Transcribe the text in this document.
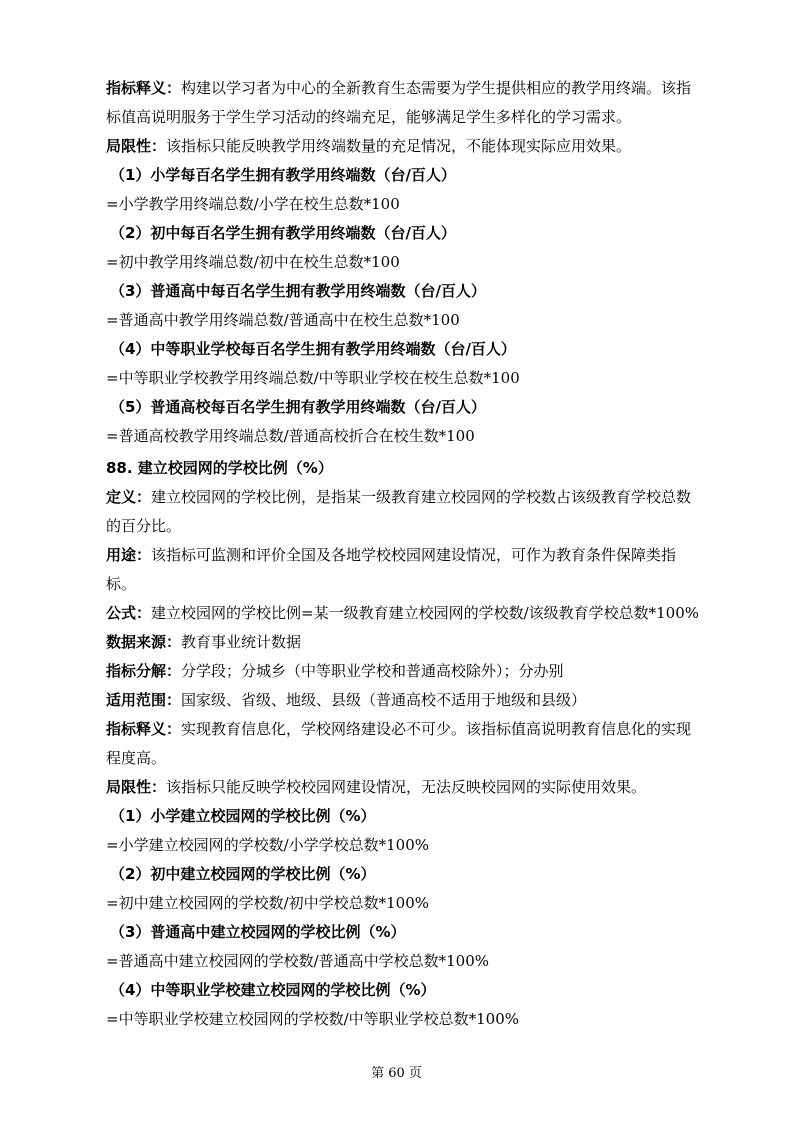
指标释义：构建以学习者为中心的全新教育生态需要为学生提供相应的教学用终端。该指标值高说明服务于学生学习活动的终端充足，能够满足学生多样化的学习需求。

局限性：该指标只能反映教学用终端数量的充足情况，不能体现实际应用效果。

（1）小学每百名学生拥有教学用终端数（台/百人）

=小学教学用终端总数/小学在校生总数*100

（2）初中每百名学生拥有教学用终端数（台/百人）

=初中教学用终端总数/初中在校生总数*100

（3）普通高中每百名学生拥有教学用终端数（台/百人）

=普通高中教学用终端总数/普通高中在校生总数*100

（4）中等职业学校每百名学生拥有教学用终端数（台/百人）

=中等职业学校教学用终端总数/中等职业学校在校生总数*100

（5）普通高校每百名学生拥有教学用终端数（台/百人）

=普通高校教学用终端总数/普通高校折合在校生数*100

88. 建立校园网的学校比例（%）

定义：建立校园网的学校比例，是指某一级教育建立校园网的学校数占该级教育学校总数的百分比。

用途：该指标可监测和评价全国及各地学校校园网建设情况，可作为教育条件保障类指标。

公式：建立校园网的学校比例=某一级教育建立校园网的学校数/该级教育学校总数*100%

数据来源：教育事业统计数据

指标分解：分学段；分城乡（中等职业学校和普通高校除外）；分办别

适用范围：国家级、省级、地级、县级（普通高校不适用于地级和县级）

指标释义：实现教育信息化，学校网络建设必不可少。该指标值高说明教育信息化的实现程度高。

局限性：该指标只能反映学校校园网建设情况，无法反映校园网的实际使用效果。

（1）小学建立校园网的学校比例（%）

=小学建立校园网的学校数/小学学校总数*100%

（2）初中建立校园网的学校比例（%）

=初中建立校园网的学校数/初中学校总数*100%

（3）普通高中建立校园网的学校比例（%）

=普通高中建立校园网的学校数/普通高中学校总数*100%

（4）中等职业学校建立校园网的学校比例（%）

=中等职业学校建立校园网的学校数/中等职业学校总数*100%

第 60 页
